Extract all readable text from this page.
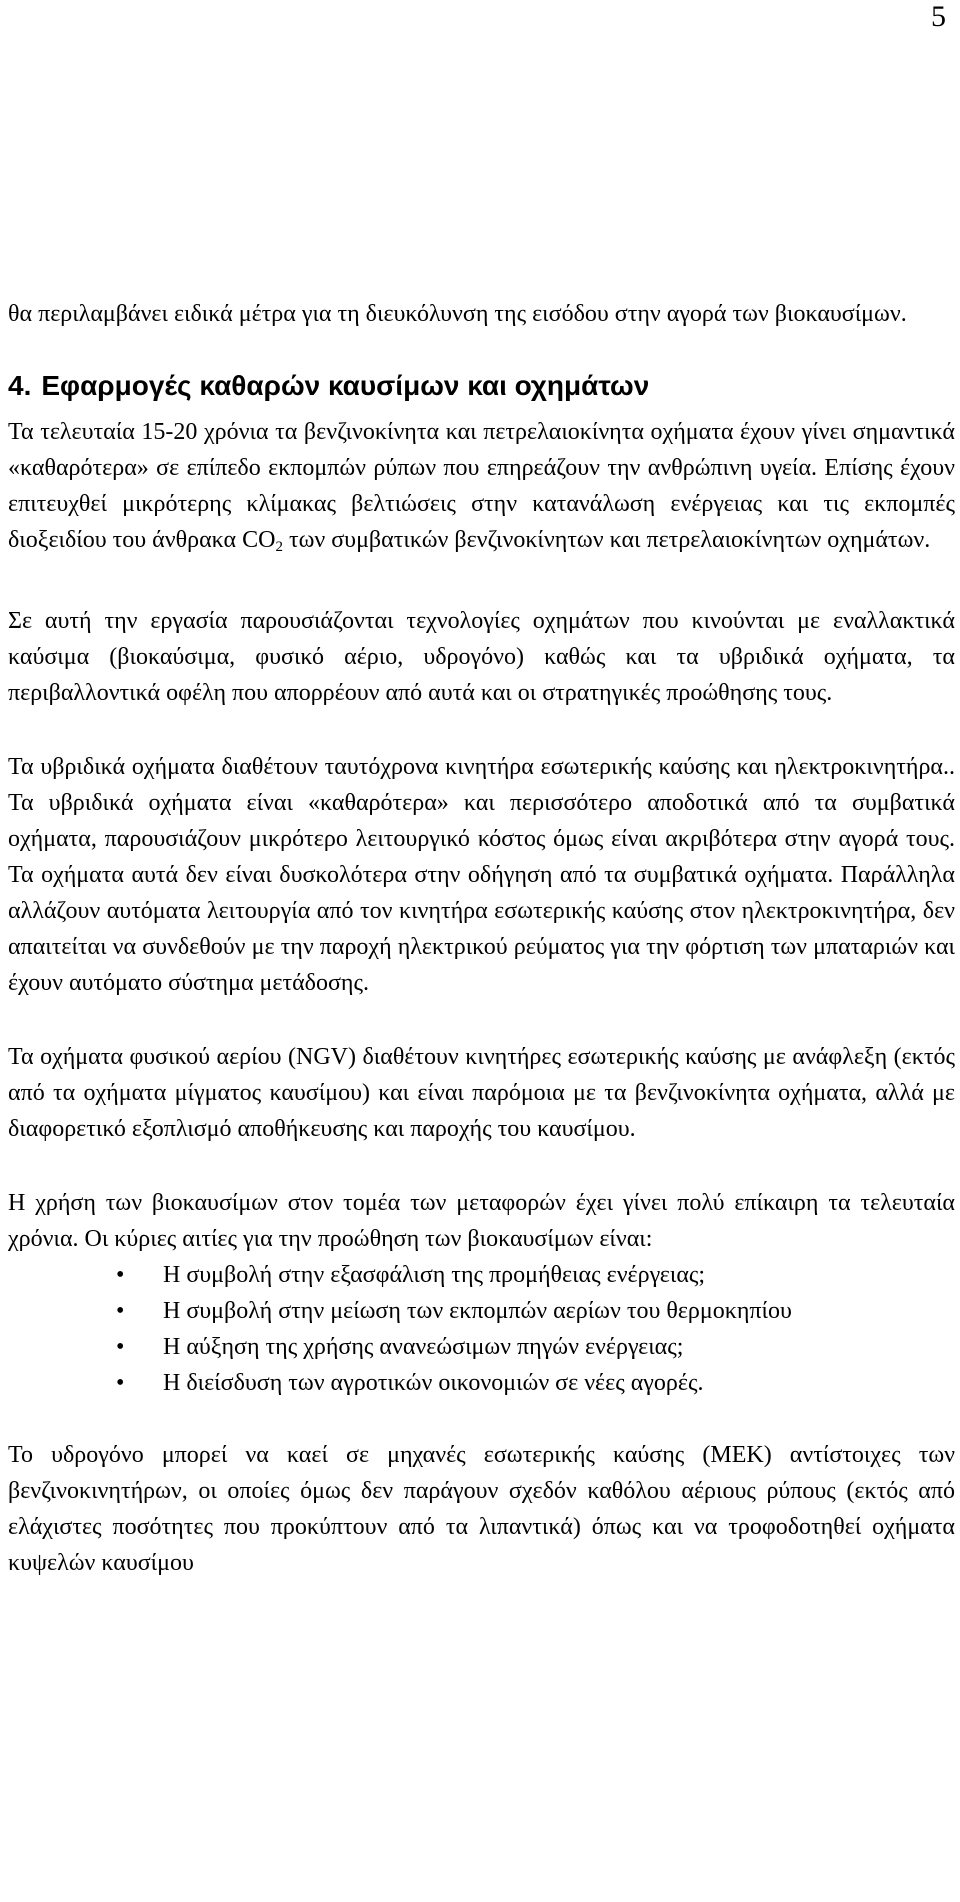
5

θα περιλαμβάνει ειδικά μέτρα για τη διευκόλυνση της εισόδου στην αγορά των βιοκαυσίμων.

4. Εφαρμογές καθαρών καυσίμων και οχημάτων

Τα τελευταία 15-20 χρόνια τα βενζινοκίνητα και πετρελαιοκίνητα οχήματα έχουν γίνει σημαντικά «καθαρότερα» σε επίπεδο εκπομπών ρύπων που επηρεάζουν την ανθρώπινη υγεία. Επίσης έχουν επιτευχθεί μικρότερης κλίμακας βελτιώσεις στην κατανάλωση ενέργειας και τις εκπομπές διοξειδίου του άνθρακα $CO_2$ των συμβατικών βενζινοκίνητων και πετρελαιοκίνητων οχημάτων.

Σε αυτή την εργασία παρουσιάζονται τεχνολογίες οχημάτων που κινούνται με εναλλακτικά καύσιμα (βιοκαύσιμα, φυσικό αέριο, υδρογόνο) καθώς και τα υβριδικά οχήματα, τα περιβαλλοντικά οφέλη που απορρέουν από αυτά και οι στρατηγικές προώθησης τους.

Τα υβριδικά οχήματα διαθέτουν ταυτόχρονα κινητήρα εσωτερικής καύσης και ηλεκτροκινητήρα.. Τα υβριδικά οχήματα είναι «καθαρότερα» και περισσότερο αποδοτικά από τα συμβατικά οχήματα, παρουσιάζουν μικρότερο λειτουργικό κόστος όμως είναι ακριβότερα στην αγορά τους. Τα οχήματα αυτά δεν είναι δυσκολότερα στην οδήγηση από τα συμβατικά οχήματα. Παράλληλα αλλάζουν αυτόματα λειτουργία από τον κινητήρα εσωτερικής καύσης στον ηλεκτροκινητήρα, δεν απαιτείται να συνδεθούν με την παροχή ηλεκτρικού ρεύματος για την φόρτιση των μπαταριών και έχουν αυτόματο σύστημα μετάδοσης.

Τα οχήματα φυσικού αερίου (NGV) διαθέτουν κινητήρες εσωτερικής καύσης με ανάφλεξη (εκτός από τα οχήματα μίγματος καυσίμου) και είναι παρόμοια με τα βενζινοκίνητα οχήματα, αλλά με διαφορετικό εξοπλισμό αποθήκευσης και παροχής του καυσίμου.

Η χρήση των βιοκαυσίμων στον τομέα των μεταφορών έχει γίνει πολύ επίκαιρη τα τελευταία χρόνια. Οι κύριες αιτίες για την προώθηση των βιοκαυσίμων είναι:

• Η συμβολή στην εξασφάλιση της προμήθειας ενέργειας;
• Η συμβολή στην μείωση των εκπομπών αερίων του θερμοκηπίου
• Η αύξηση της χρήσης ανανεώσιμων πηγών ενέργειας;
• Η διείσδυση των αγροτικών οικονομιών σε νέες αγορές.

Το υδρογόνο μπορεί να καεί σε μηχανές εσωτερικής καύσης (ΜΕΚ) αντίστοιχες των βενζινοκινητήρων, οι οποίες όμως δεν παράγουν σχεδόν καθόλου αέριους ρύπους (εκτός από ελάχιστες ποσότητες που προκύπτουν από τα λιπαντικά) όπως και να τροφοδοτηθεί οχήματα κυψελών καυσίμου
